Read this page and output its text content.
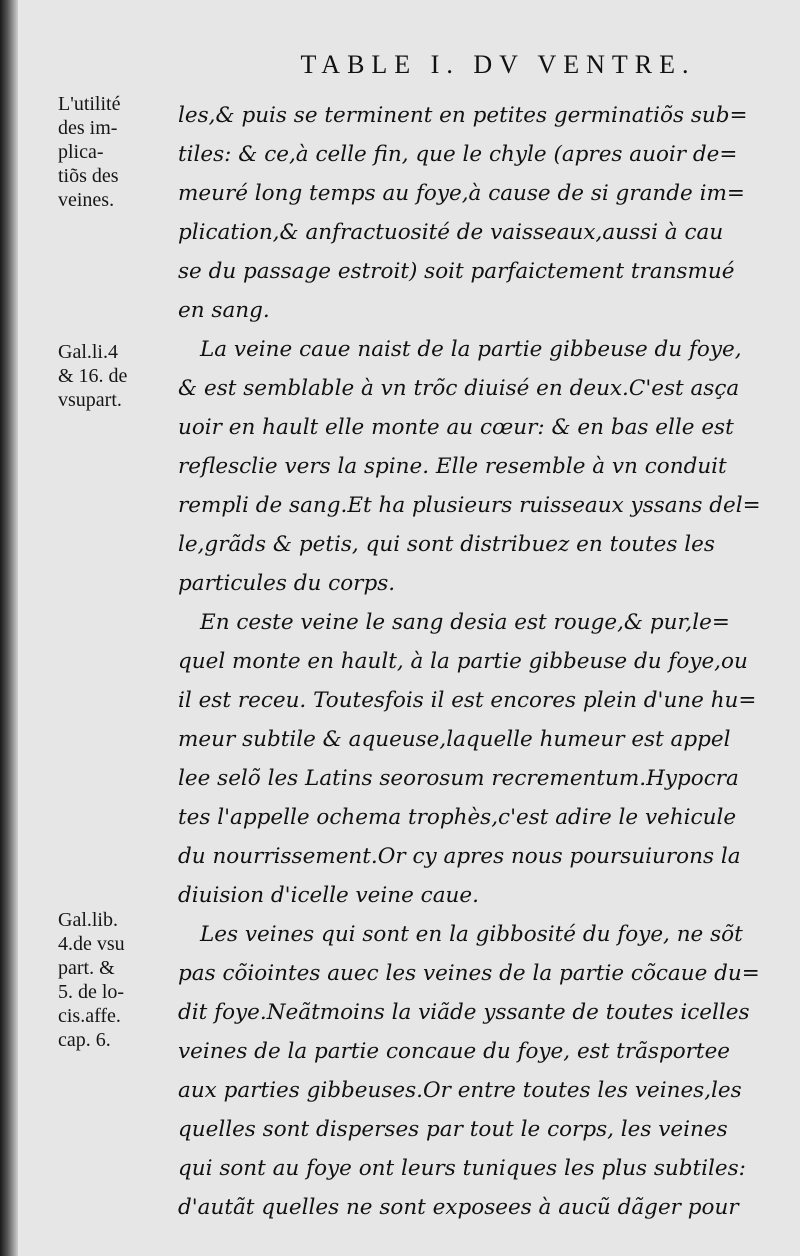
TABLE I. DV VENTRE.
L'utilité
des im-
plica-
tiõs des
veines.
Gal.li.4
& 16. de
vsupart.
Gal.lib.
4.de vsu
part. &
5. de lo-
cis.affe.
cap. 6.
les,& puis se terminent en petites germinatiõs sub=
tiles: & ce,à celle fin, que le chyle (apres auoir de=
meuré long temps au foye,à cause de si grande im=
plication,& anfractuosité de vaisseaux,aussi à cau
se du passage estroit) soit parfaictement transmué
en sang.
La veine caue naist de la partie gibbeuse du foye,
& est semblable à vn trõc diuisé en deux.C'est asça
uoir en hault elle monte au cœur: & en bas elle est
reflesclie vers la spine. Elle resemble à vn conduit
rempli de sang.Et ha plusieurs ruisseaux yssans del=
le,grãds & petis, qui sont distribuez en toutes les
particules du corps.
En ceste veine le sang desia est rouge,& pur,le=
quel monte en hault, à la partie gibbeuse du foye,ou
il est receu. Toutesfois il est encores plein d'une hu=
meur subtile & aqueuse,laquelle humeur est appel
lee selõ les Latins seorosum recrementum.Hypocra
tes l'appelle ochema trophès,c'est adire le vehicule
du nourrissement.Or cy apres nous poursuiurons la
diuision d'icelle veine caue.
Les veines qui sont en la gibbosité du foye, ne sõt
pas cõiointes auec les veines de la partie cõcaue du=
dit foye.Neãtmoins la viãde yssante de toutes icelles
veines de la partie concaue du foye, est trãsportee
aux parties gibbeuses.Or entre toutes les veines,les
quelles sont disperses par tout le corps, les veines
qui sont au foye ont leurs tuniques les plus subtiles:
d'autãt quelles ne sont exposees à aucũ dãger pour
